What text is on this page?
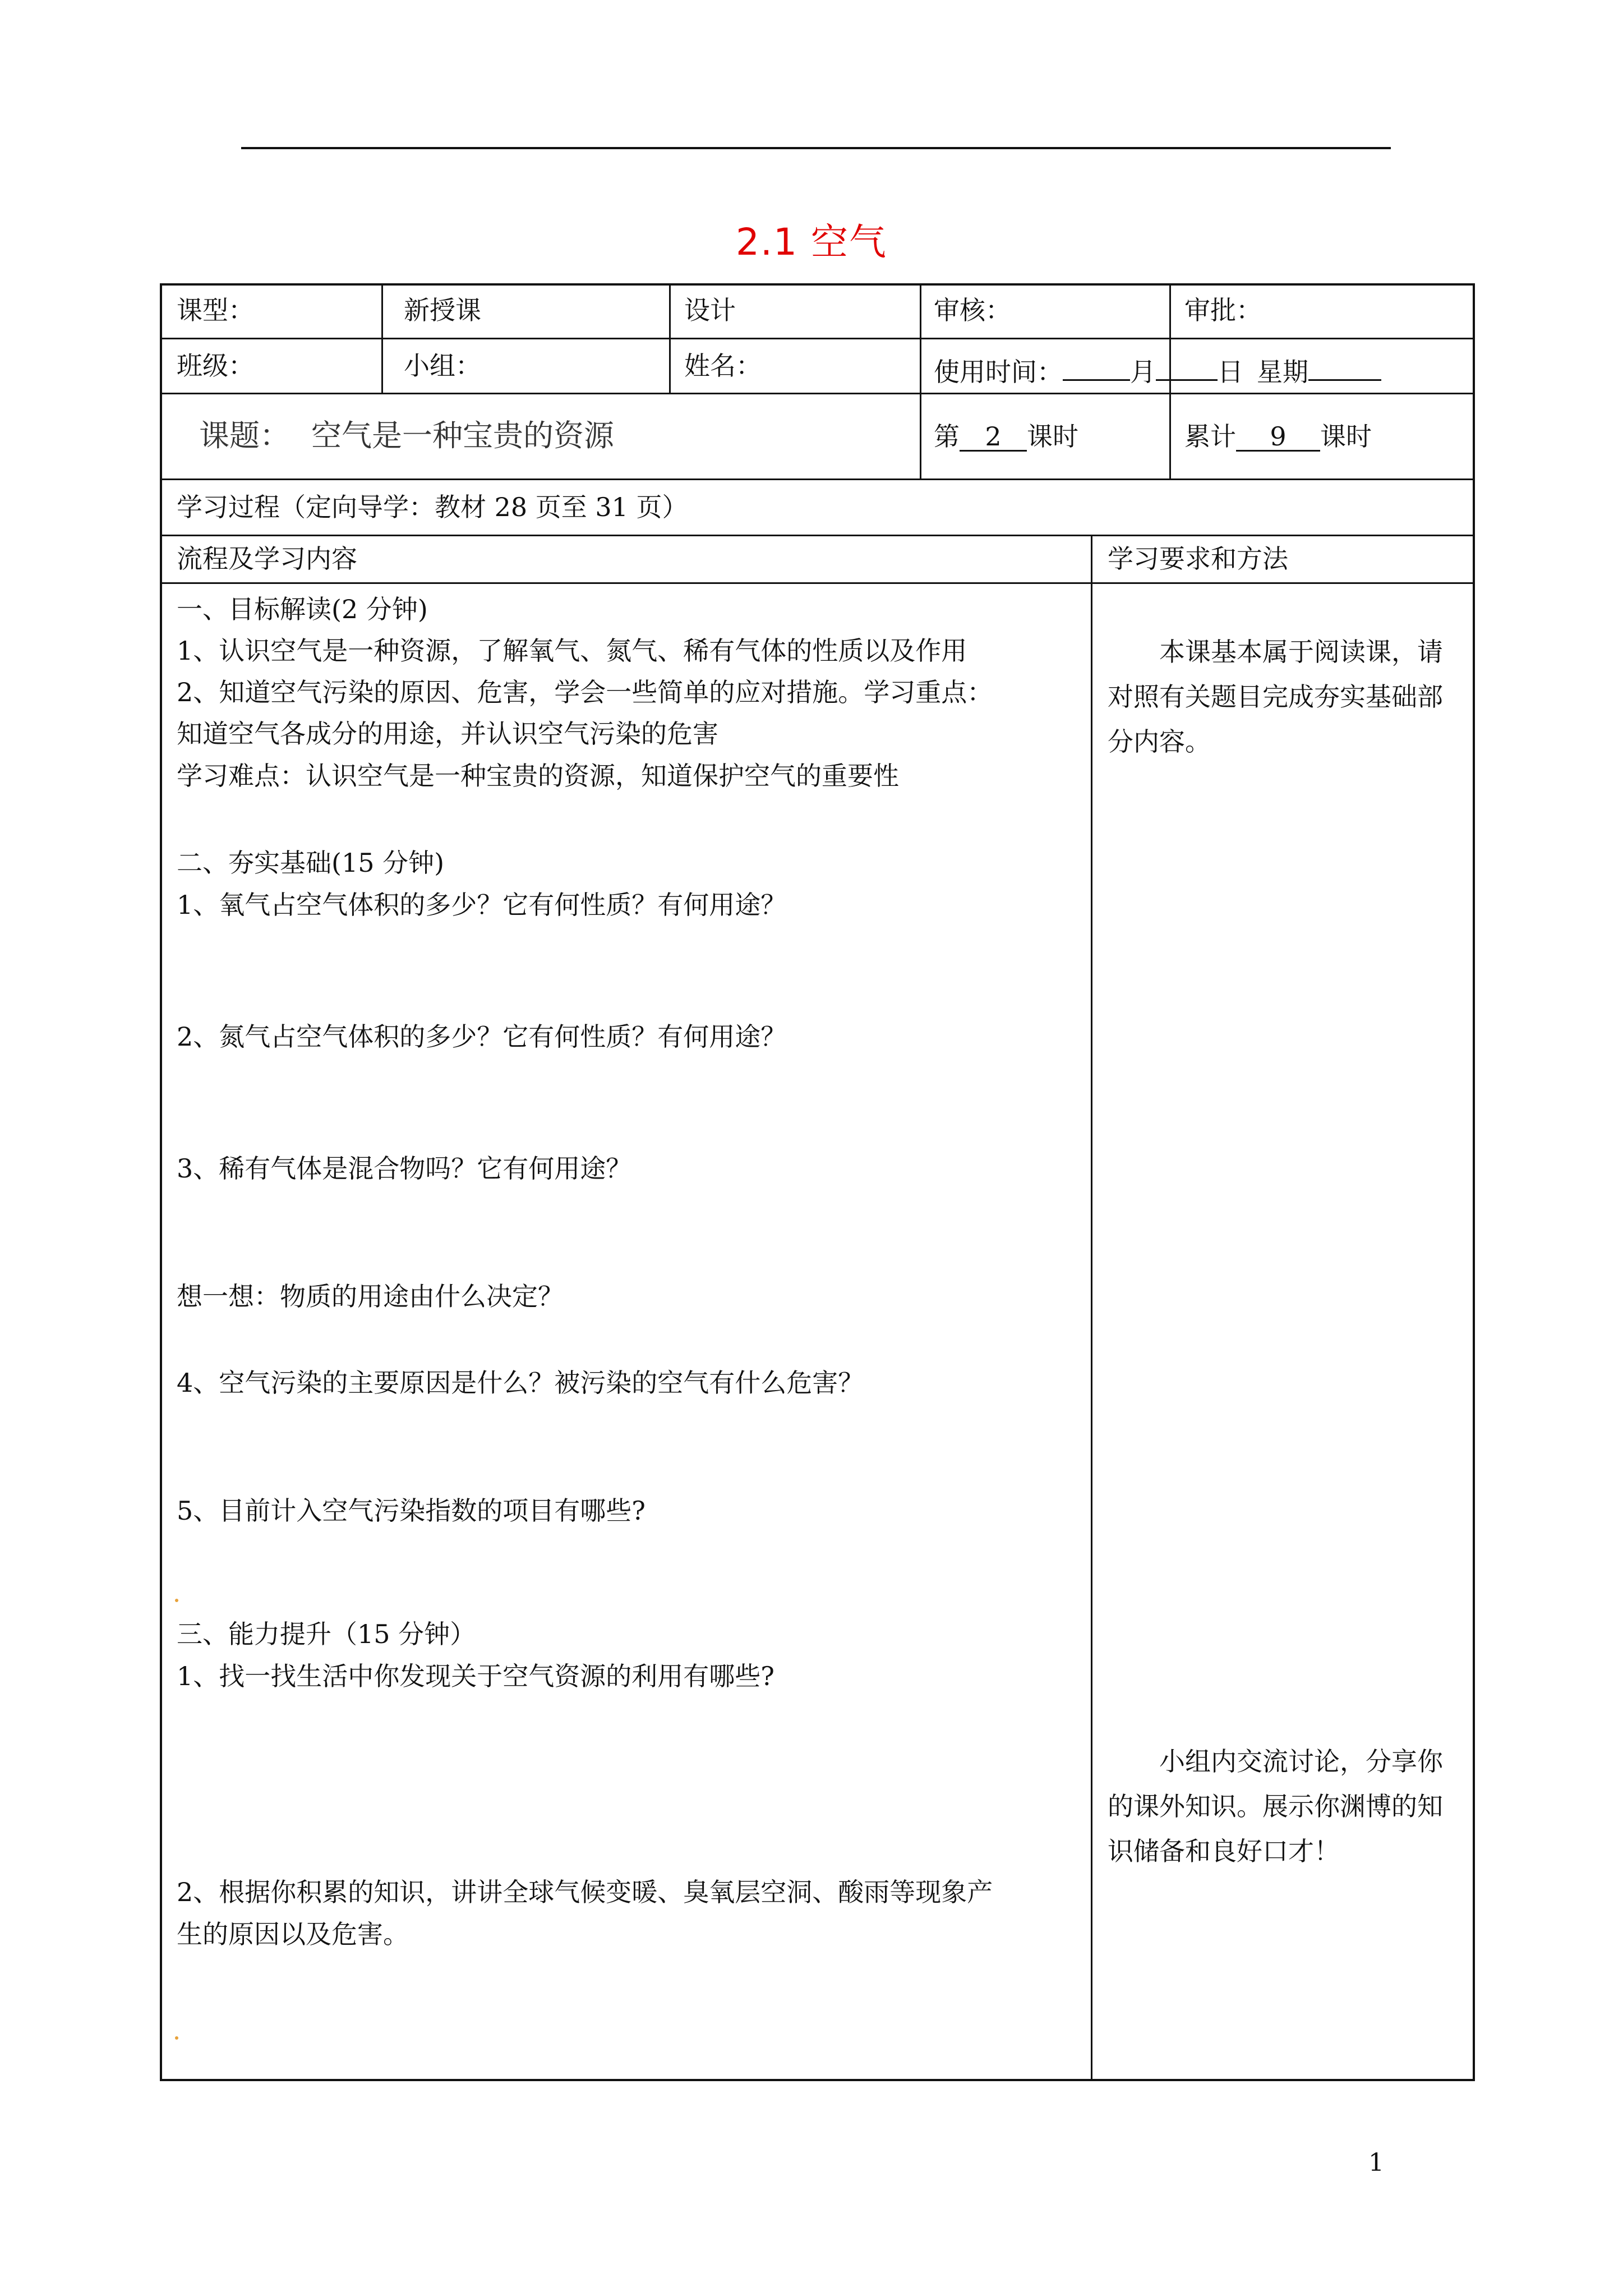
2.1 空气
课型：	新授课	设计	审核：	审批：
班级：	小组：	姓名：	使用时间：	月 日 星期
课题： 空气是一种宝贵的资源	第 2 课时	累计 9 课时
学习过程（定向导学：教材 28 页至 31 页）
流程及学习内容	学习要求和方法
一、目标解读(2 分钟)
1、认识空气是一种资源，了解氧气、氮气、稀有气体的性质以及作用
2、知道空气污染的原因、危害，学会一些简单的应对措施。学习重点：
知道空气各成分的用途，并认识空气污染的危害
学习难点：认识空气是一种宝贵的资源，知道保护空气的重要性
二、夯实基础(15 分钟)
1、氧气占空气体积的多少？它有何性质？有何用途？
2、氮气占空气体积的多少？它有何性质？有何用途？
3、稀有气体是混合物吗？它有何用途？
想一想：物质的用途由什么决定？
4、空气污染的主要原因是什么？被污染的空气有什么危害？
5、目前计入空气污染指数的项目有哪些?
三、能力提升（15 分钟）
1、找一找生活中你发现关于空气资源的利用有哪些?
2、根据你积累的知识，讲讲全球气候变暖、臭氧层空洞、酸雨等现象产
生的原因以及危害。
本课基本属于阅读课，请对照有关题目完成夯实基础部分内容。
小组内交流讨论，分享你的课外知识。展示你渊博的知识储备和良好口才！
1
